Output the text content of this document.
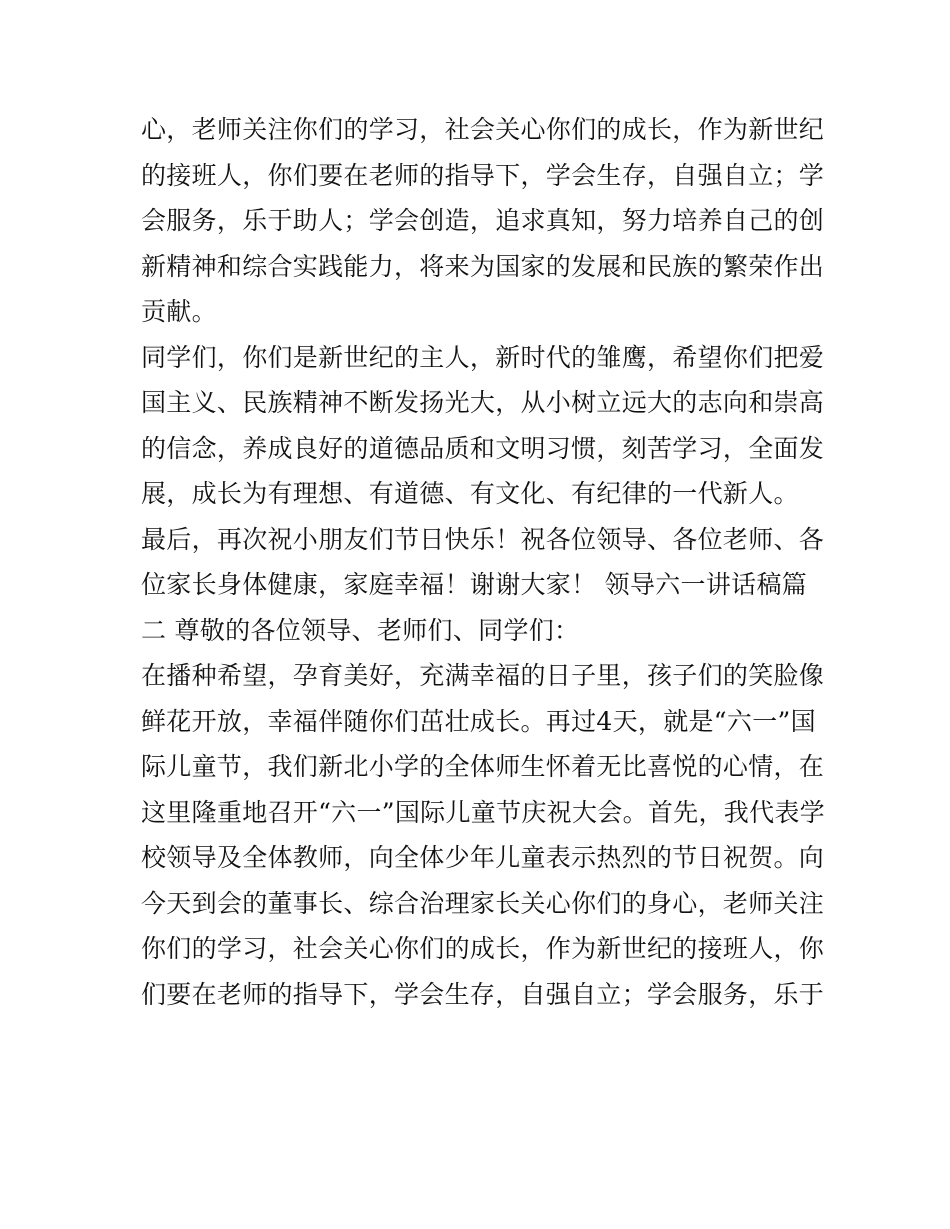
心，老师关注你们的学习，社会关心你们的成长，作为新世纪
的接班人，你们要在老师的指导下，学会生存，自强自立；学
会服务，乐于助人；学会创造，追求真知，努力培养自己的创
新精神和综合实践能力，将来为国家的发展和民族的繁荣作出
贡献。
同学们，你们是新世纪的主人，新时代的雏鹰，希望你们把爱
国主义、民族精神不断发扬光大，从小树立远大的志向和崇高
的信念，养成良好的道德品质和文明习惯，刻苦学习，全面发
展，成长为有理想、有道德、有文化、有纪律的一代新人。
最后，再次祝小朋友们节日快乐！祝各位领导、各位老师、各
位家长身体健康，家庭幸福！谢谢大家！ 领导六一讲话稿篇
二 尊敬的各位领导、老师们、同学们：
在播种希望，孕育美好，充满幸福的日子里，孩子们的笑脸像
鲜花开放，幸福伴随你们茁壮成长。再过4天，就是“六一”国
际儿童节，我们新北小学的全体师生怀着无比喜悦的心情，在
这里隆重地召开“六一”国际儿童节庆祝大会。首先，我代表学
校领导及全体教师，向全体少年儿童表示热烈的节日祝贺。向
今天到会的董事长、综合治理家长关心你们的身心，老师关注
你们的学习，社会关心你们的成长，作为新世纪的接班人，你
们要在老师的指导下，学会生存，自强自立；学会服务，乐于
